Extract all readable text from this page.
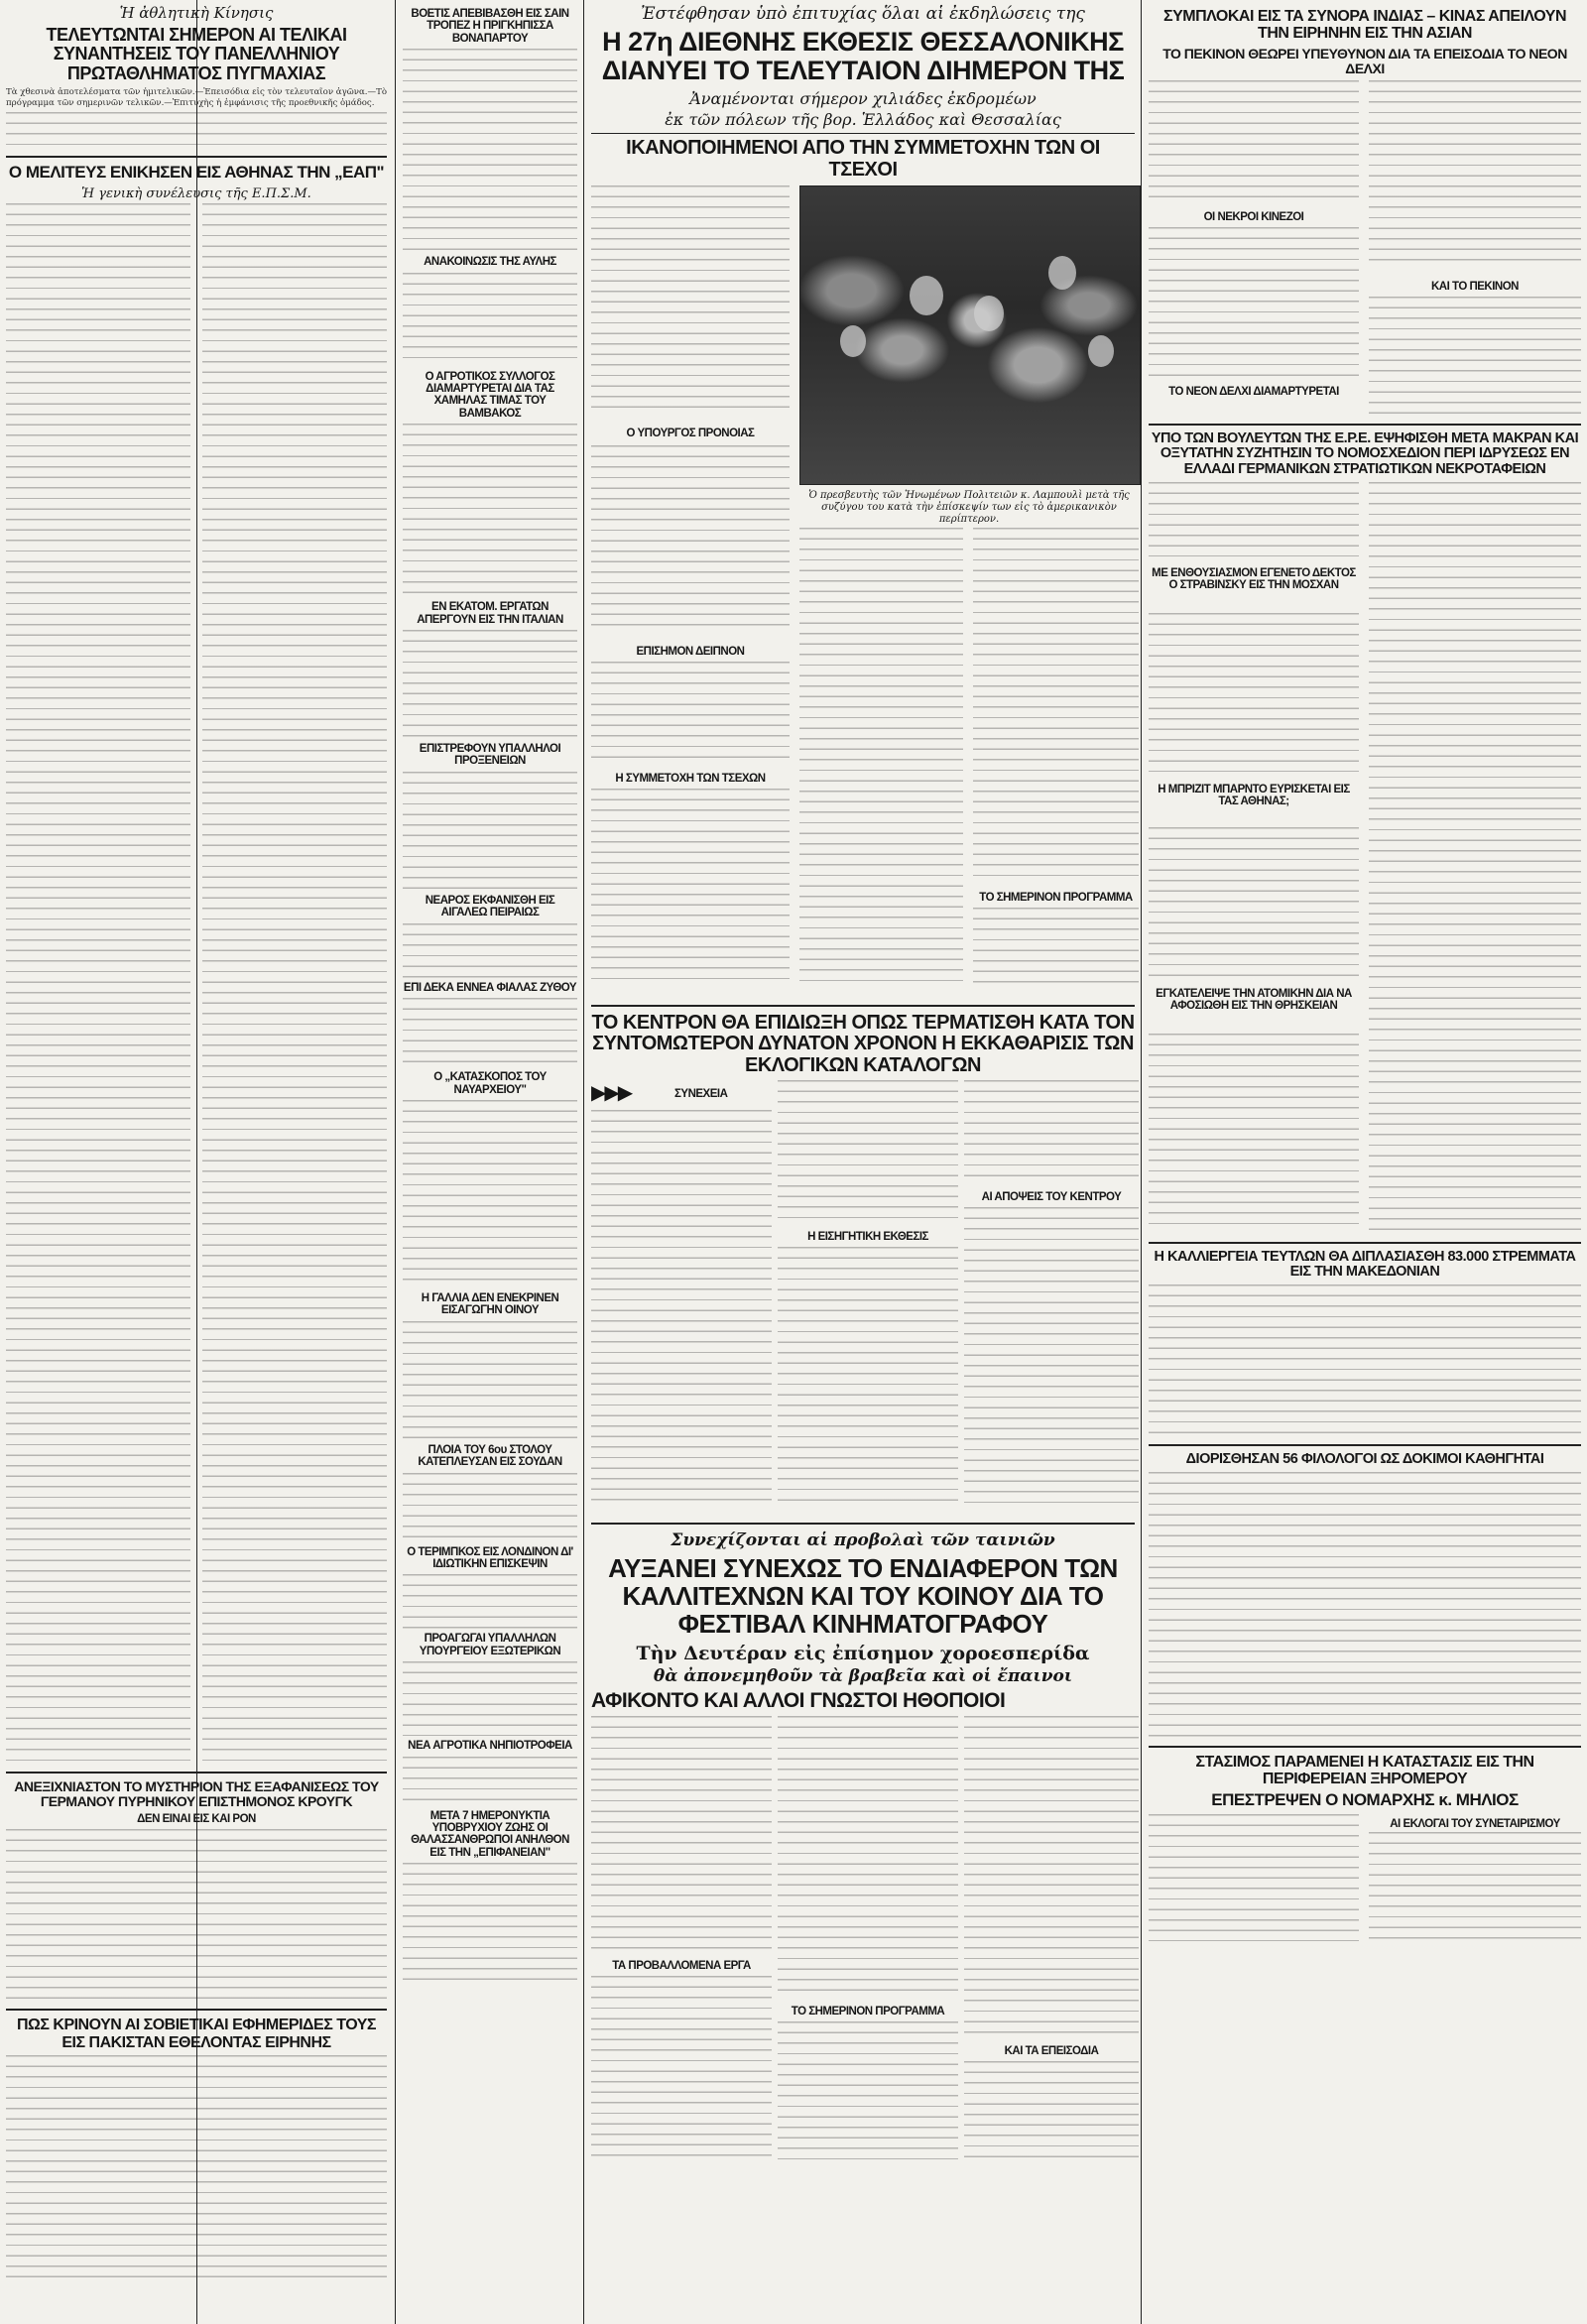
Ἡ ἀθλητικὴ Κίνησις
ΤΕΛΕΥΤΩΝΤΑΙ ΣΗΜΕΡΟΝ ΑΙ ΤΕΛΙΚΑΙ ΣΥΝΑΝΤΗΣΕΙΣ ΤΟΥ ΠΑΝΕΛΛΗΝΙΟΥ ΠΡΩΤΑΘΛΗΜΑΤΟΣ ΠΥΓΜΑΧΙΑΣ
Τὰ χθεσινὰ ἀποτελέσματα τῶν ἡμιτελικῶν.—Ἐπεισόδια εἰς τὸν τελευταῖον ἀγῶνα.—Τὸ πρόγραμμα τῶν σημερινῶν τελικῶν.—Ἐπιτυχὴς ἡ ἐμφάνισις τῆς προεθνικῆς ὁμάδος.
Ο ΜΕΛΙΤΕΥΣ ΕΝΙΚΗΣΕΝ ΕΙΣ ΑΘΗΝΑΣ ΤΗΝ „ΕΑΠ"
Ἡ γενικὴ συνέλευσις τῆς Ε.Π.Σ.Μ.
ΑΝΕΞΙΧΝΙΑΣΤΟΝ ΤΟ ΜΥΣΤΗΡΙΟΝ ΤΗΣ ΕΞΑΦΑΝΙΣΕΩΣ ΤΟΥ ΓΕΡΜΑΝΟΥ ΠΥΡΗΝΙΚΟΥ ΕΠΙΣΤΗΜΟΝΟΣ ΚΡΟΥΓΚ
ΔΕΝ ΕΙΝΑΙ ΕΙΣ ΚΑΙ ΡΟΝ
ΠΩΣ ΚΡΙΝΟΥΝ ΑΙ ΣΟΒΙΕΤΙΚΑΙ ΕΦΗΜΕΡΙΔΕΣ ΤΟΥΣ ΕΙΣ ΠΑΚΙΣΤΑΝ ΕΘΕΛΟΝΤΑΣ ΕΙΡΗΝΗΣ
ΒΟΕΤΙΣ ΑΠΕΒΙΒΑΣΘΗ ΕΙΣ ΣΑΙΝ ΤΡΟΠΕΖ Η ΠΡΙΓΚΗΠΙΣΣΑ ΒΟΝΑΠΑΡΤΟΥ
ΑΝΑΚΟΙΝΩΣΙΣ ΤΗΣ ΑΥΛΗΣ
Ο ΑΓΡΟΤΙΚΟΣ ΣΥΛΛΟΓΟΣ ΔΙΑΜΑΡΤΥΡΕΤΑΙ ΔΙΑ ΤΑΣ ΧΑΜΗΛΑΣ ΤΙΜΑΣ ΤΟΥ ΒΑΜΒΑΚΟΣ
ΕΝ ΕΚΑΤΟΜ. ΕΡΓΑΤΩΝ ΑΠΕΡΓΟΥΝ ΕΙΣ ΤΗΝ ΙΤΑΛΙΑΝ
ΕΠΙΣΤΡΕΦΟΥΝ ΥΠΑΛΛΗΛΟΙ ΠΡΟΞΕΝΕΙΩΝ
ΝΕΑΡΟΣ ΕΚΦΑΝΙΣΘΗ ΕΙΣ ΑΙΓΑΛΕΩ ΠΕΙΡΑΙΩΣ
ΕΠΙ ΔΕΚΑ ΕΝΝΕΑ ΦΙΑΛΑΣ ΖΥΘΟΥ
Ο „ΚΑΤΑΣΚΟΠΟΣ ΤΟΥ ΝΑΥΑΡΧΕΙΟΥ"
Η ΓΑΛΛΙΑ ΔΕΝ ΕΝΕΚΡΙΝΕΝ ΕΙΣΑΓΩΓΗΝ ΟΙΝΟΥ
ΠΛΟΙΑ ΤΟΥ 6ου ΣΤΟΛΟΥ ΚΑΤΕΠΛΕΥΣΑΝ ΕΙΣ ΣΟΥΔΑΝ
Ο ΤΕΡΙΜΠΚΟΣ ΕΙΣ ΛΟΝΔΙΝΟΝ ΔΙ' ΙΔΙΩΤΙΚΗΝ ΕΠΙΣΚΕΨΙΝ
ΠΡΟΑΓΩΓΑΙ ΥΠΑΛΛΗΛΩΝ ΥΠΟΥΡΓΕΙΟΥ ΕΞΩΤΕΡΙΚΩΝ
ΝΕΑ ΑΓΡΟΤΙΚΑ ΝΗΠΙΟΤΡΟΦΕΙΑ
ΜΕΤΑ 7 ΗΜΕΡΟΝΥΚΤΙΑ ΥΠΟΒΡΥΧΙΟΥ ΖΩΗΣ ΟΙ ΘΑΛΑΣΣΑΝΘΡΩΠΟΙ ΑΝΗΛΘΟΝ ΕΙΣ ΤΗΝ „ΕΠΙΦΑΝΕΙΑΝ"
Ἐστέφθησαν ὑπὸ ἐπιτυχίας ὅλαι αἱ ἐκδηλώσεις της
Η 27η ΔΙΕΘΝΗΣ ΕΚΘΕΣΙΣ ΘΕΣΣΑΛΟΝΙΚΗΣ ΔΙΑΝΥΕΙ ΤΟ ΤΕΛΕΥΤΑΙΟΝ ΔΙΗΜΕΡΟΝ ΤΗΣ
Ἀναμένονται σήμερον χιλιάδες ἐκδρομέων
ἐκ τῶν πόλεων τῆς βορ. Ἑλλάδος καὶ Θεσσαλίας
ΙΚΑΝΟΠΟΙΗΜΕΝΟΙ ΑΠΟ ΤΗΝ ΣΥΜΜΕΤΟΧΗΝ ΤΩΝ ΟΙ ΤΣΕΧΟΙ
Ὁ πρεσβευτὴς τῶν Ἡνωμένων Πολιτειῶν κ. Λαμπουλὶ μετὰ τῆς συζύγου του κατὰ τὴν ἐπίσκεψίν των εἰς τὸ ἀμερικανικὸν περίπτερον.
Ο ΥΠΟΥΡΓΟΣ ΠΡΟΝΟΙΑΣ
ΕΠΙΣΗΜΟΝ ΔΕΙΠΝΟΝ
Η ΣΥΜΜΕΤΟΧΗ ΤΩΝ ΤΣΕΧΩΝ
ΤΟ ΣΗΜΕΡΙΝΟΝ ΠΡΟΓΡΑΜΜΑ
ΤΟ ΚΕΝΤΡΟΝ ΘΑ ΕΠΙΔΙΩΞΗ ΟΠΩΣ ΤΕΡΜΑΤΙΣΘΗ ΚΑΤΑ ΤΟΝ ΣΥΝΤΟΜΩΤΕΡΟΝ ΔΥΝΑΤΟΝ ΧΡΟΝΟΝ Η ΕΚΚΑΘΑΡΙΣΙΣ ΤΩΝ ΕΚΛΟΓΙΚΩΝ ΚΑΤΑΛΟΓΩΝ
▶▶▶	ΣΥΝΕΧΕΙΑ
Η ΕΙΣΗΓΗΤΙΚΗ ΕΚΘΕΣΙΣ
ΑΙ ΑΠΟΨΕΙΣ ΤΟΥ ΚΕΝΤΡΟΥ
Συνεχίζονται αἱ προβολαὶ τῶν ταινιῶν
ΑΥΞΑΝΕΙ ΣΥΝΕΧΩΣ ΤΟ ΕΝΔΙΑΦΕΡΟΝ ΤΩΝ ΚΑΛΛΙΤΕΧΝΩΝ ΚΑΙ ΤΟΥ ΚΟΙΝΟΥ ΔΙΑ ΤΟ ΦΕΣΤΙΒΑΛ ΚΙΝΗΜΑΤΟΓΡΑΦΟΥ
Τὴν Δευτέραν εἰς ἐπίσημον χοροεσπερίδα
θὰ ἀπονεμηθοῦν τὰ βραβεῖα καὶ οἱ ἔπαινοι
ΑΦΙΚΟΝΤΟ ΚΑΙ ΑΛΛΟΙ ΓΝΩΣΤΟΙ ΗΘΟΠΟΙΟΙ
ΤΑ ΠΡΟΒΑΛΛΟΜΕΝΑ ΕΡΓΑ
ΤΟ ΣΗΜΕΡΙΝΟΝ ΠΡΟΓΡΑΜΜΑ
ΚΑΙ ΤΑ ΕΠΕΙΣΟΔΙΑ
ΣΥΜΠΛΟΚΑΙ ΕΙΣ ΤΑ ΣΥΝΟΡΑ ΙΝΔΙΑΣ – ΚΙΝΑΣ ΑΠΕΙΛΟΥΝ ΤΗΝ ΕΙΡΗΝΗΝ ΕΙΣ ΤΗΝ ΑΣΙΑΝ
ΤΟ ΠΕΚΙΝΟΝ ΘΕΩΡΕΙ ΥΠΕΥΘΥΝΟΝ ΔΙΑ ΤΑ ΕΠΕΙΣΟΔΙΑ ΤΟ ΝΕΟΝ ΔΕΛΧΙ
ΟΙ ΝΕΚΡΟΙ ΚΙΝΕΖΟΙ
ΤΟ ΝΕΟΝ ΔΕΛΧΙ ΔΙΑΜΑΡΤΥΡΕΤΑΙ
ΚΑΙ ΤΟ ΠΕΚΙΝΟΝ
ΥΠΟ ΤΩΝ ΒΟΥΛΕΥΤΩΝ ΤΗΣ Ε.Ρ.Ε. ΕΨΗΦΙΣΘΗ ΜΕΤΑ ΜΑΚΡΑΝ ΚΑΙ ΟΞΥΤΑΤΗΝ ΣΥΖΗΤΗΣΙΝ ΤΟ ΝΟΜΟΣΧΕΔΙΟΝ ΠΕΡΙ ΙΔΡΥΣΕΩΣ ΕΝ ΕΛΛΑΔΙ ΓΕΡΜΑΝΙΚΩΝ ΣΤΡΑΤΙΩΤΙΚΩΝ ΝΕΚΡΟΤΑΦΕΙΩΝ
ΜΕ ΕΝΘΟΥΣΙΑΣΜΟΝ ΕΓΕΝΕΤΟ ΔΕΚΤΟΣ Ο ΣΤΡΑΒΙΝΣΚΥ ΕΙΣ ΤΗΝ ΜΟΣΧΑΝ
Η ΜΠΡΙΖΙΤ ΜΠΑΡΝΤΟ ΕΥΡΙΣΚΕΤΑΙ ΕΙΣ ΤΑΣ ΑΘΗΝΑΣ;
ΕΓΚΑΤΕΛΕΙΨΕ ΤΗΝ ΑΤΟΜΙΚΗΝ ΔΙΑ ΝΑ ΑΦΟΣΙΩΘΗ ΕΙΣ ΤΗΝ ΘΡΗΣΚΕΙΑΝ
Η ΚΑΛΛΙΕΡΓΕΙΑ ΤΕΥΤΛΩΝ ΘΑ ΔΙΠΛΑΣΙΑΣΘΗ 83.000 ΣΤΡΕΜΜΑΤΑ ΕΙΣ ΤΗΝ ΜΑΚΕΔΟΝΙΑΝ
ΔΙΟΡΙΣΘΗΣΑΝ 56 ΦΙΛΟΛΟΓΟΙ ΩΣ ΔΟΚΙΜΟΙ ΚΑΘΗΓΗΤΑΙ
ΣΤΑΣΙΜΟΣ ΠΑΡΑΜΕΝΕΙ Η ΚΑΤΑΣΤΑΣΙΣ ΕΙΣ ΤΗΝ ΠΕΡΙΦΕΡΕΙΑΝ ΞΗΡΟΜΕΡΟΥ
ΕΠΕΣΤΡΕΨΕΝ Ο ΝΟΜΑΡΧΗΣ κ. ΜΗΛΙΟΣ
ΑΙ ΕΚΛΟΓΑΙ ΤΟΥ ΣΥΝΕΤΑΙΡΙΣΜΟΥ
